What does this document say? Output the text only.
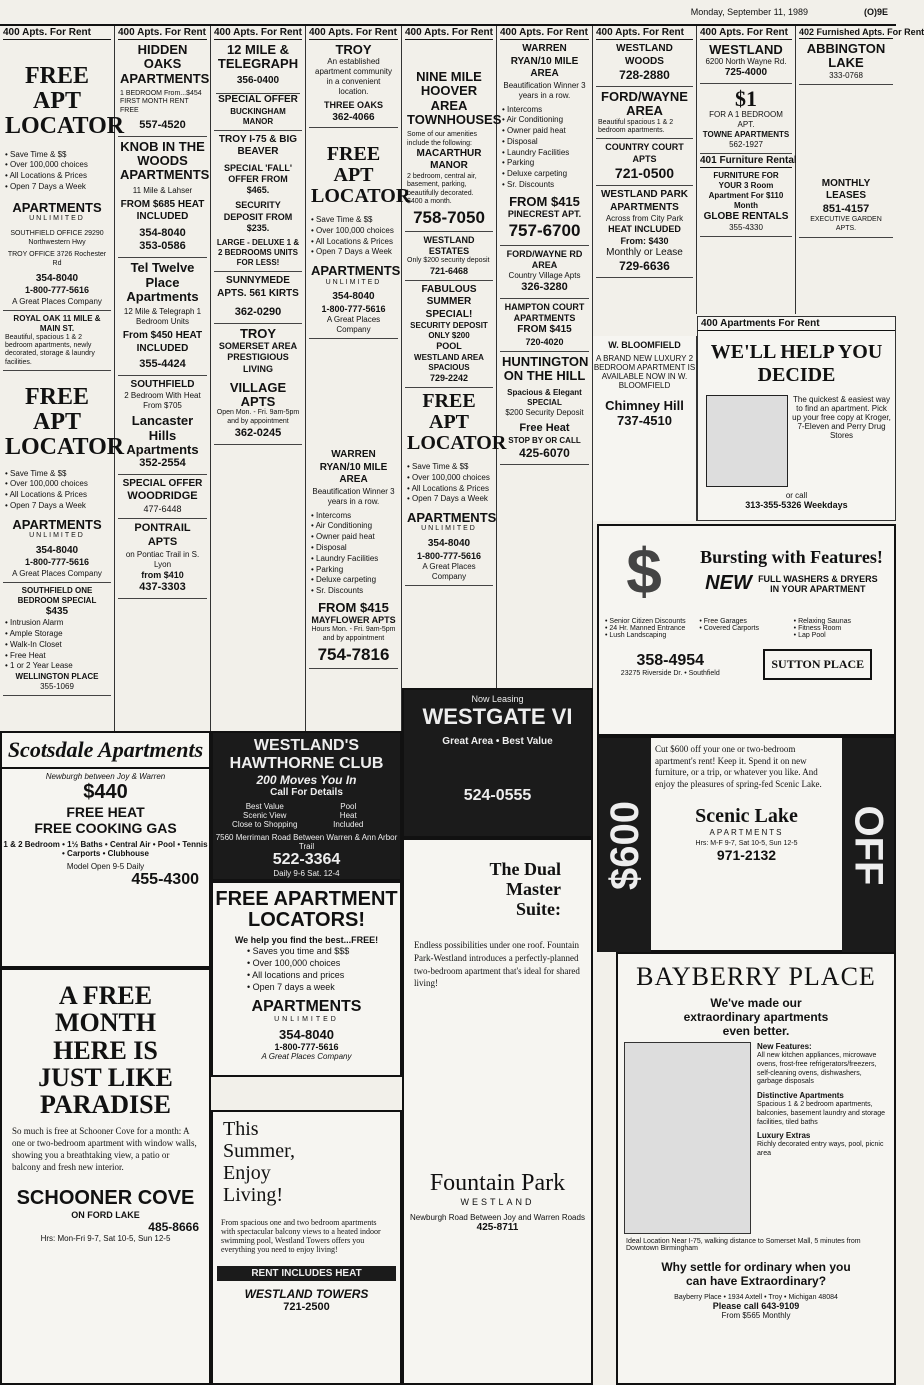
Monday, September 11, 1989	(O)9E
400 Apts. For Rent
FREE APT LOCATOR
• Save Time & $$
• Over 100,000 choices
• All Locations & Prices
• Open 7 Days a Week
APARTMENTS
UNLIMITED
SOUTHFIELD OFFICE 29290 Northwestern Hwy
TROY OFFICE 3726 Rochester Rd
354-8040
1-800-777-5616
A Great Places Company
ROYAL OAK 11 MILE & MAIN ST.
Beautiful, spacious 1 & 2 bedroom apartments, newly decorated, storage & laundry facilities.
FREE APT LOCATOR
• Save Time & $$
• Over 100,000 choices
• All Locations & Prices
• Open 7 Days a Week
APARTMENTS
UNLIMITED
354-8040
1-800-777-5616
A Great Places Company
SOUTHFIELD ONE BEDROOM SPECIAL
$435
• Intrusion Alarm
• Ample Storage
• Walk-In Closet
• Free Heat
• 1 or 2 Year Lease
WELLINGTON PLACE
355-1069
400 Apts. For Rent
HIDDEN OAKS APARTMENTS
1 BEDROOM From...$454 FIRST MONTH RENT FREE
557-4520
KNOB IN THE WOODS APARTMENTS
11 Mile & Lahser
FROM $685 HEAT INCLUDED
354-8040
353-0586
Tel Twelve Place Apartments
12 Mile & Telegraph 1 Bedroom Units
From $450 HEAT INCLUDED
355-4424
SOUTHFIELD
2 Bedroom With Heat From $705
Lancaster Hills Apartments
352-2554
SPECIAL OFFER
WOODRIDGE
477-6448
PONTRAIL APTS
on Pontiac Trail in S. Lyon
from $410
437-3303
400 Apts. For Rent
12 MILE & TELEGRAPH
356-0400
SPECIAL OFFER
BUCKINGHAM MANOR
TROY I-75 & BIG BEAVER
SPECIAL 'FALL' OFFER FROM $465.
SECURITY DEPOSIT FROM $235.
LARGE - DELUXE 1 & 2 BEDROOMS UNITS FOR LESS!
SUNNYMEDE APTS. 561 KIRTS
362-0290
TROY
SOMERSET AREA PRESTIGIOUS LIVING
VILLAGE APTS
Open Mon. - Fri. 9am-5pm and by appointment
362-0245
400 Apts. For Rent
TROY
An established apartment community in a convenient location.
THREE OAKS
362-4066
FREE APT LOCATOR
• Save Time & $$
• Over 100,000 choices
• All Locations & Prices
• Open 7 Days a Week
APARTMENTS
UNLIMITED
354-8040
1-800-777-5616
A Great Places Company
WARREN RYAN/10 MILE AREA
Beautification Winner 3 years in a row.
• Intercoms
• Air Conditioning
• Owner paid heat
• Disposal
• Laundry Facilities
• Parking
• Deluxe carpeting
• Sr. Discounts
FROM $415
MAYFLOWER APTS
Hours Mon. - Fri. 9am-5pm and by appointment
754-7816
400 Apts. For Rent
NINE MILE HOOVER AREA TOWNHOUSES
Some of our amenities include the following:
MACARTHUR MANOR
2 bedroom, central air, basement, parking, beautifully decorated. $400 a month.
758-7050
WESTLAND ESTATES
Only $200 security deposit
721-6468
FABULOUS SUMMER SPECIAL!
SECURITY DEPOSIT ONLY $200
POOL
WESTLAND AREA SPACIOUS
729-2242
FREE APT LOCATOR
• Save Time & $$
• Over 100,000 choices
• All Locations & Prices
• Open 7 Days a Week
APARTMENTS
UNLIMITED
354-8040
1-800-777-5616
A Great Places Company
400 Apts. For Rent
WARREN RYAN/10 MILE AREA
Beautification Winner 3 years in a row.
• Intercoms
• Air Conditioning
• Owner paid heat
• Disposal
• Laundry Facilities
• Parking
• Deluxe carpeting
• Sr. Discounts
FROM $415
PINECREST APT.
757-6700
FORD/WAYNE RD AREA
Country Village Apts
326-3280
HAMPTON COURT APARTMENTS
FROM $415
720-4020
HUNTINGTON ON THE HILL
Spacious & Elegant SPECIAL
$200 Security Deposit
Free Heat
STOP BY OR CALL
425-6070
400 Apts. For Rent
WESTLAND WOODS
728-2880
FORD/WAYNE AREA
Beautiful spacious 1 & 2 bedroom apartments.
COUNTRY COURT APTS
721-0500
WESTLAND PARK APARTMENTS
Across from City Park
HEAT INCLUDED From: $430
Monthly or Lease
729-6636
400 Apts. For Rent
WESTLAND
6200 North Wayne Rd.
725-4000
$1
FOR A 1 BEDROOM APT.
TOWNE APARTMENTS
562-1927
401 Furniture Rental
FURNITURE FOR YOUR 3 Room Apartment For $110 Month
GLOBE RENTALS
355-4330
402 Furnished Apts. For Rent
ABBINGTON LAKE
333-0768
MONTHLY LEASES
851-4157
EXECUTIVE GARDEN APTS.
400 Apartments For Rent
WE'LL HELP YOU DECIDE
The quickest & easiest way to find an apartment. Pick up your free copy at Kroger, 7-Eleven and Perry Drug Stores
or call
313-355-5326 Weekdays
W. BLOOMFIELD
A BRAND NEW LUXURY 2 BEDROOM APARTMENT IS AVAILABLE NOW IN W. BLOOMFIELD
Chimney Hill
737-4510
$	Bursting with Features!
NEW FULL WASHERS & DRYERS IN YOUR APARTMENT
• Senior Citizen Discounts	• Free Garages	• Relaxing Saunas
• 24 Hr. Manned Entrance	• Covered Carports	• Fitness Room
• Lush Landscaping	• Lap Pool
358-4954
23275 Riverside Dr. • Southfield
SUTTON PLACE
Scotsdale Apartments
Newburgh between Joy & Warren
$440
FREE HEAT
FREE COOKING GAS
1 & 2 Bedroom • 1½ Baths • Central Air • Pool • Tennis • Carports • Clubhouse
Model Open 9-5 Daily
455-4300
A FREE MONTH HERE IS JUST LIKE PARADISE
So much is free at Schooner Cove for a month: A one or two-bedroom apartment with window walls, showing you a breathtaking view, a patio or balcony and fresh new interior.
SCHOONER COVE
ON FORD LAKE
485-8666
Hrs: Mon-Fri 9-7, Sat 10-5, Sun 12-5
WESTLAND'S HAWTHORNE CLUB
200 Moves You In
Call For Details
Best Value	Pool
Scenic View	Heat
Close to Shopping	Included
7560 Merriman Road Between Warren & Ann Arbor Trail
522-3364
Daily 9-6 Sat. 12-4
Now Leasing
WESTGATE VI
Great Area • Best Value
524-0555
FREE APARTMENT LOCATORS!
We help you find the best...FREE!
• Saves you time and $$$
• Over 100,000 choices
• All locations and prices
• Open 7 days a week
APARTMENTS
UNLIMITED
354-8040
1-800-777-5616
A Great Places Company
This Summer, Enjoy Living!
From spacious one and two bedroom apartments with spectacular balcony views to a heated indoor swimming pool, Westland Towers offers you everything you need to enjoy living!
RENT INCLUDES HEAT
WESTLAND TOWERS
721-2500
The Dual Master Suite:
Endless possibilities under one roof. Fountain Park-Westland introduces a perfectly-planned two-bedroom apartment that's ideal for shared living!
Fountain Park
WESTLAND
Newburgh Road Between Joy and Warren Roads
425-8711
$600	OFF
Cut $600 off your one or two-bedroom apartment's rent! Keep it. Spend it on new furniture, or a trip, or whatever you like. And enjoy the pleasures of spring-fed Scenic Lake.
Scenic Lake
APARTMENTS
Hrs: M-F 9-7, Sat 10-5, Sun 12-5
971-2132
BAYBERRY PLACE
We've made our extraordinary apartments even better.
New Features:
All new kitchen appliances, microwave ovens, frost-free refrigerators/freezers, self-cleaning ovens, dishwashers, garbage disposals
Distinctive Apartments
Spacious 1 & 2 bedroom apartments, balconies, basement laundry and storage facilities, tiled baths
Luxury Extras
Richly decorated entry ways, pool, picnic area
Ideal Location Near I-75, walking distance to Somerset Mall, 5 minutes from Downtown Birmingham
Why settle for ordinary when you can have Extraordinary?
Bayberry Place • 1934 Axtell • Troy • Michigan 48084
Please call 643-9109
From $565 Monthly
